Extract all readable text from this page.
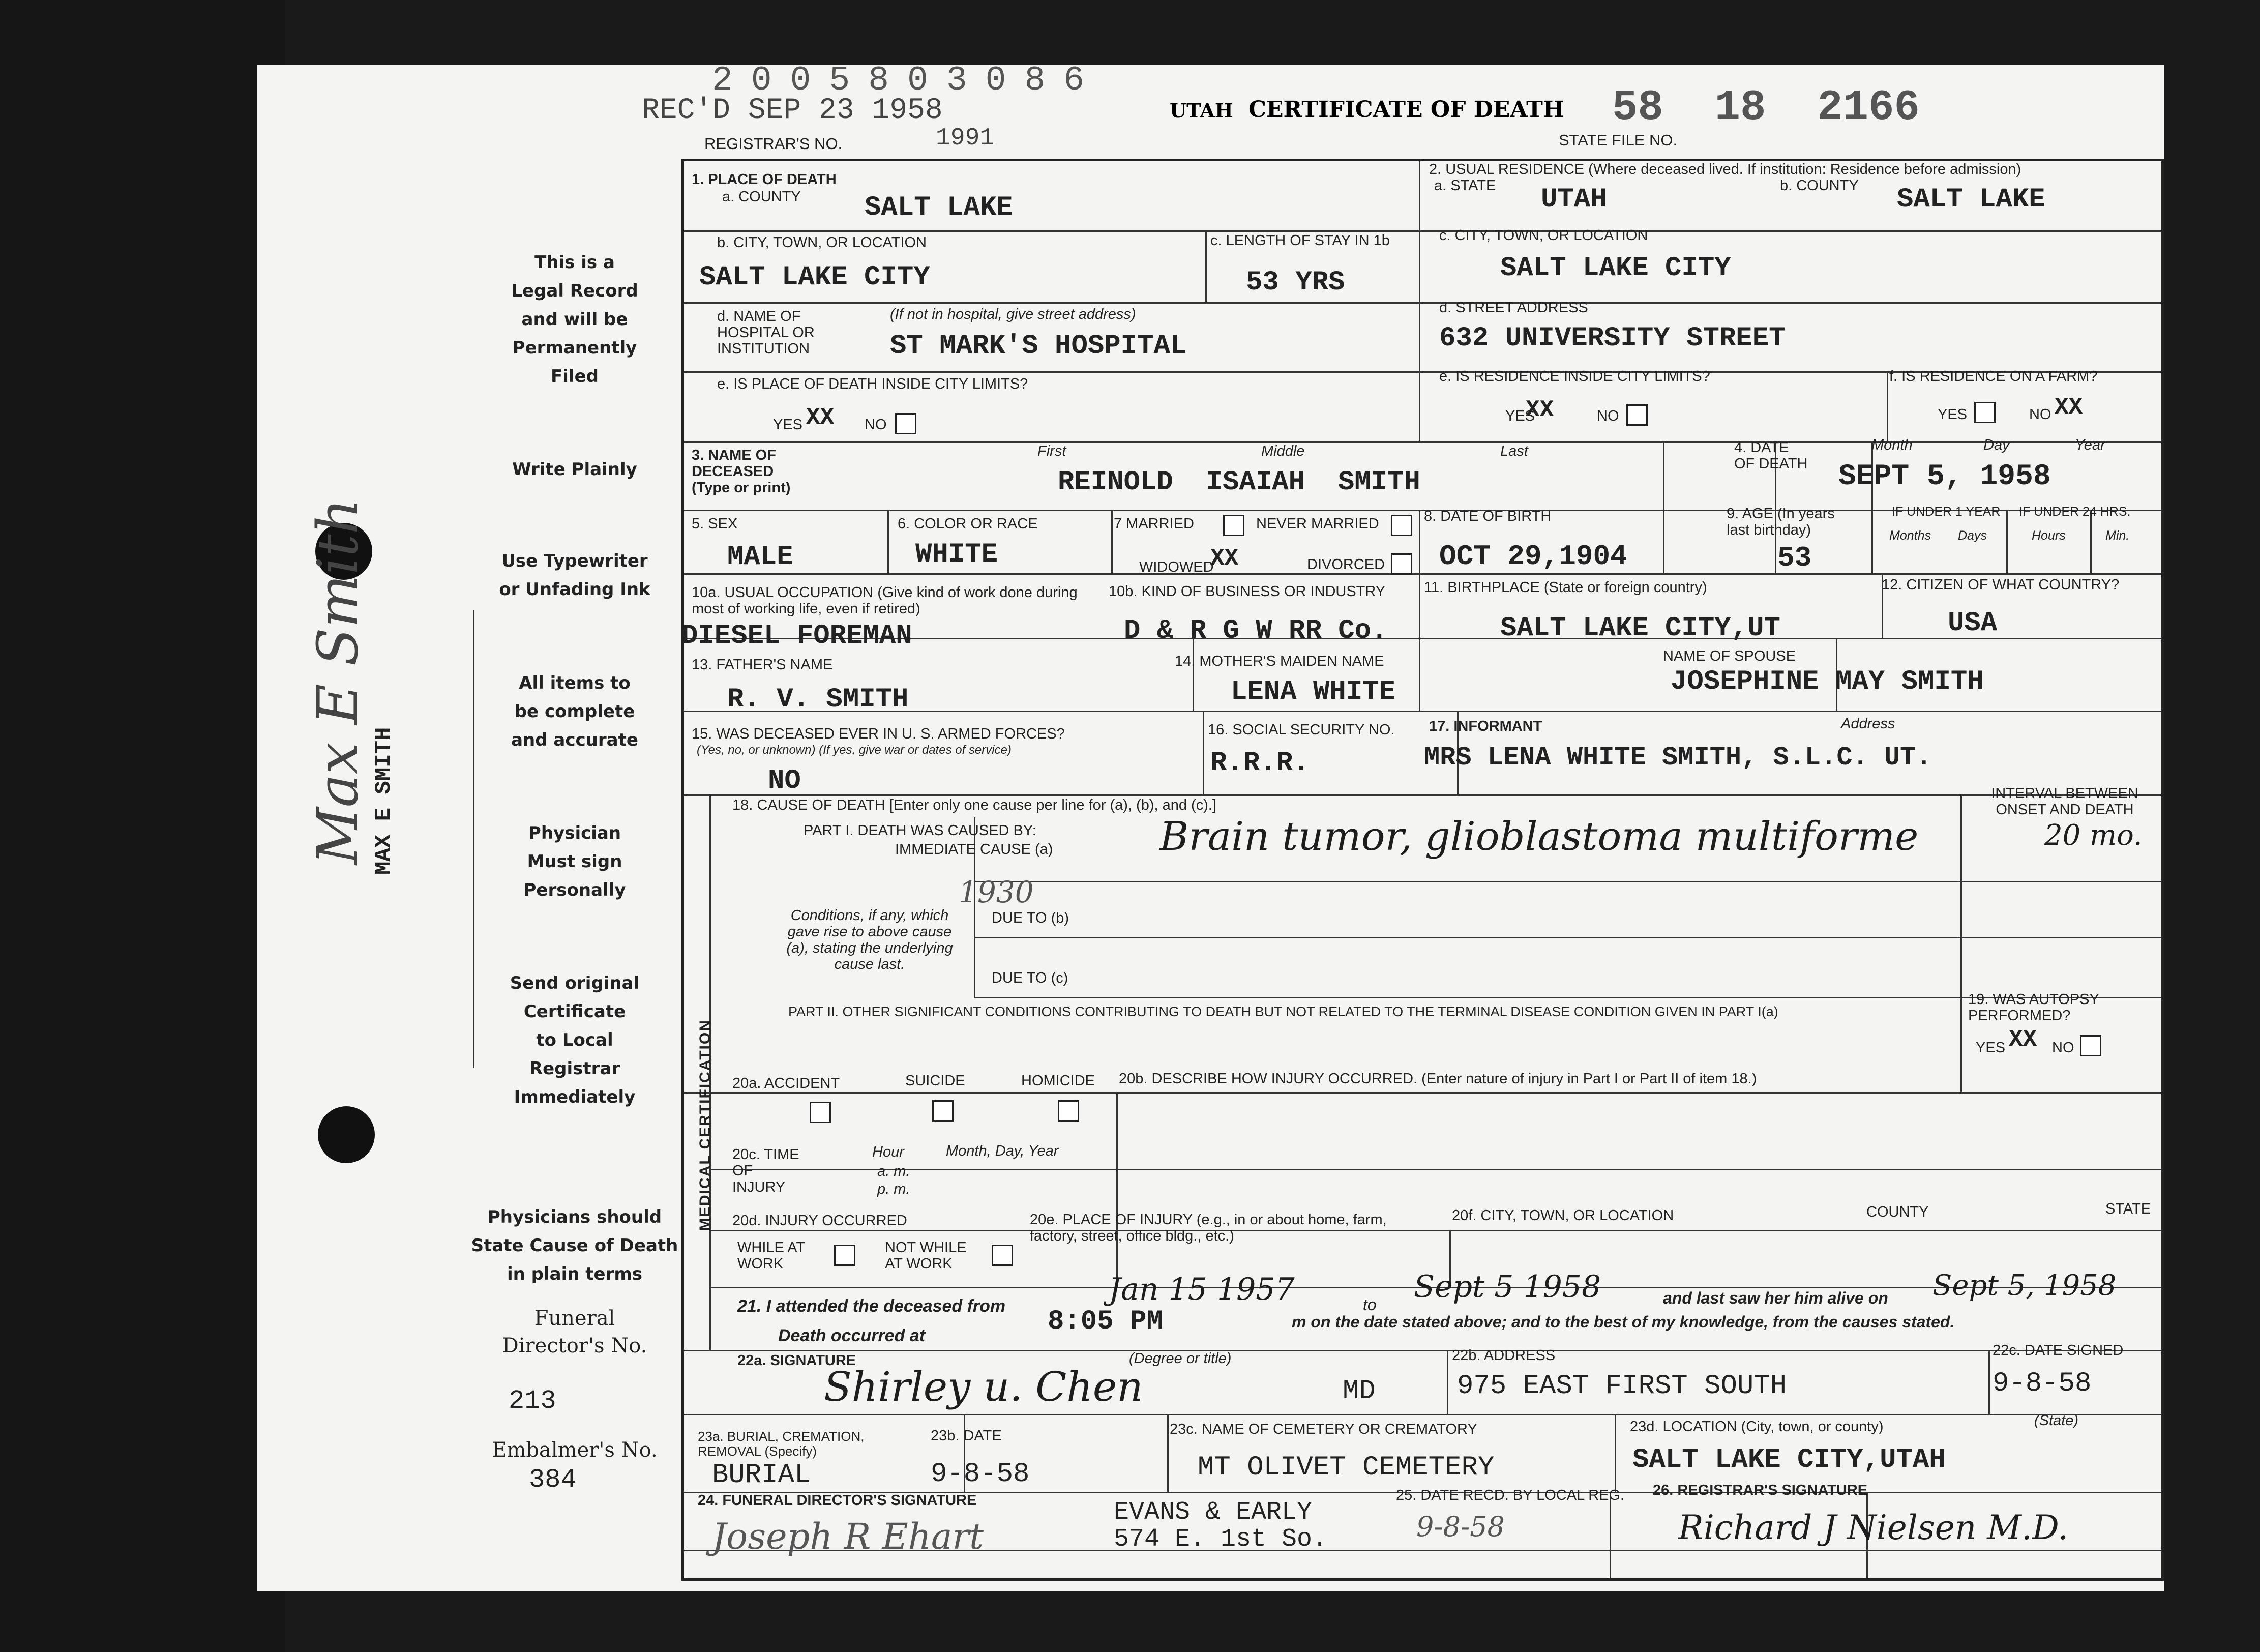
2005803086
REC'D SEP 23 1958
REGISTRAR'S NO.	1991
UTAH CERTIFICATE OF DEATH 58  18  2166
STATE FILE NO.
This is a
Legal Record
and will be
Permanently
Filed
Write Plainly
Use Typewriter
or Unfading Ink
All items to
be complete
and accurate
Physician
Must sign
Personally
Send original
Certificate
to Local
Registrar
Immediately
Physicians should
State Cause of Death
in plain terms
Funeral
Director's No.
213
Embalmer's No.
384
MAX E SMITH
Max E Smith
1. PLACE OF DEATH
a. COUNTY SALT LAKE
2. USUAL RESIDENCE (Where deceased lived. If institution: Residence before admission)
a. STATE UTAH	b. COUNTY SALT LAKE
b. CITY, TOWN, OR LOCATION
SALT LAKE CITY
c. LENGTH OF STAY IN 1b
53 YRS
c. CITY, TOWN, OR LOCATION
SALT LAKE CITY
d. NAME OF HOSPITAL OR INSTITUTION
(If not in hospital, give street address)
ST MARK'S HOSPITAL
d. STREET ADDRESS
632 UNIVERSITY STREET
e. IS PLACE OF DEATH INSIDE CITY LIMITS?
YES XX NO
e. IS RESIDENCE INSIDE CITY LIMITS?
YES
XX	NO
f. IS RESIDENCE ON A FARM?
YES	NO XX
3. NAME OF DECEASED (Type or print)
First	Middle	Last
REINOLD  ISAIAH  SMITH
4. DATE OF DEATH
Month	Day	Year
SEPT 5, 1958
5. SEX
MALE
6. COLOR OR RACE
WHITE
7 MARRIED	NEVER MARRIED
WIDOWED
XX	DIVORCED
8. DATE OF BIRTH
OCT 29,1904
9. AGE (In years last birthday)
53
IF UNDER 1 YEAR IF UNDER 24 HRS.
Months Days	Hours	Min.
10a. USUAL OCCUPATION (Give kind of work done during most of working life, even if retired)
DIESEL FOREMAN
10b. KIND OF BUSINESS OR INDUSTRY
D & R G W RR Co.
11. BIRTHPLACE (State or foreign country)
SALT LAKE CITY,UT
12. CITIZEN OF WHAT COUNTRY?
USA
13. FATHER'S NAME
R. V. SMITH
14. MOTHER'S MAIDEN NAME
LENA WHITE
NAME OF SPOUSE
JOSEPHINE MAY SMITH
15. WAS DECEASED EVER IN U. S. ARMED FORCES?
(Yes, no, or unknown) (If yes, give war or dates of service)
NO
16. SOCIAL SECURITY NO.
R.R.R.
17. INFORMANT	Address
MRS LENA WHITE SMITH, S.L.C. UT.
MEDICAL CERTIFICATION
18. CAUSE OF DEATH [Enter only one cause per line for (a), (b), and (c).]
PART I. DEATH WAS CAUSED BY:
IMMEDIATE CAUSE (a)	Brain tumor, glioblastoma multiforme
INTERVAL BETWEEN ONSET AND DEATH
20 mo.
Conditions, if any, which gave rise to above cause (a), stating the underlying cause last.
1930
DUE TO (b)
DUE TO (c)
PART II. OTHER SIGNIFICANT CONDITIONS CONTRIBUTING TO DEATH BUT NOT RELATED TO THE TERMINAL DISEASE CONDITION GIVEN IN PART I(a)
19. WAS AUTOPSY PERFORMED?
YES XX NO
20a. ACCIDENT	SUICIDE	HOMICIDE 20b. DESCRIBE HOW INJURY OCCURRED. (Enter nature of injury in Part I or Part II of item 18.)
20c. TIME OF INJURY
Hour
a. m.
p. m.
Month, Day, Year
20d. INJURY OCCURRED
WHILE AT WORK
NOT WHILE AT WORK
20e. PLACE OF INJURY (e.g., in or about home, farm, factory, street, office bldg., etc.)
20f. CITY, TOWN, OR LOCATION	COUNTY	STATE
21. I attended the deceased from	Jan 15 1957	to Sept 5 1958	and last saw her him alive on Sept 5, 1958
Death occurred at	8:05 PM	m on the date stated above; and to the best of my knowledge, from the causes stated.
22a. SIGNATURE	(Degree or title)
Shirley u. Chen	MD
22b. ADDRESS
975 EAST FIRST SOUTH
22c. DATE SIGNED
9-8-58
23a. BURIAL, CREMATION, REMOVAL (Specify)
BURIAL
23b. DATE
9-8-58
23c. NAME OF CEMETERY OR CREMATORY
MT OLIVET CEMETERY
23d. LOCATION (City, town, or county)	(State)
SALT LAKE CITY,UTAH
24. FUNERAL DIRECTOR'S SIGNATURE
Joseph R Ehart
EVANS & EARLY
574 E. 1st So.
25. DATE RECD. BY LOCAL REG.
9-8-58
26. REGISTRAR'S SIGNATURE
Richard J Nielsen M.D.
